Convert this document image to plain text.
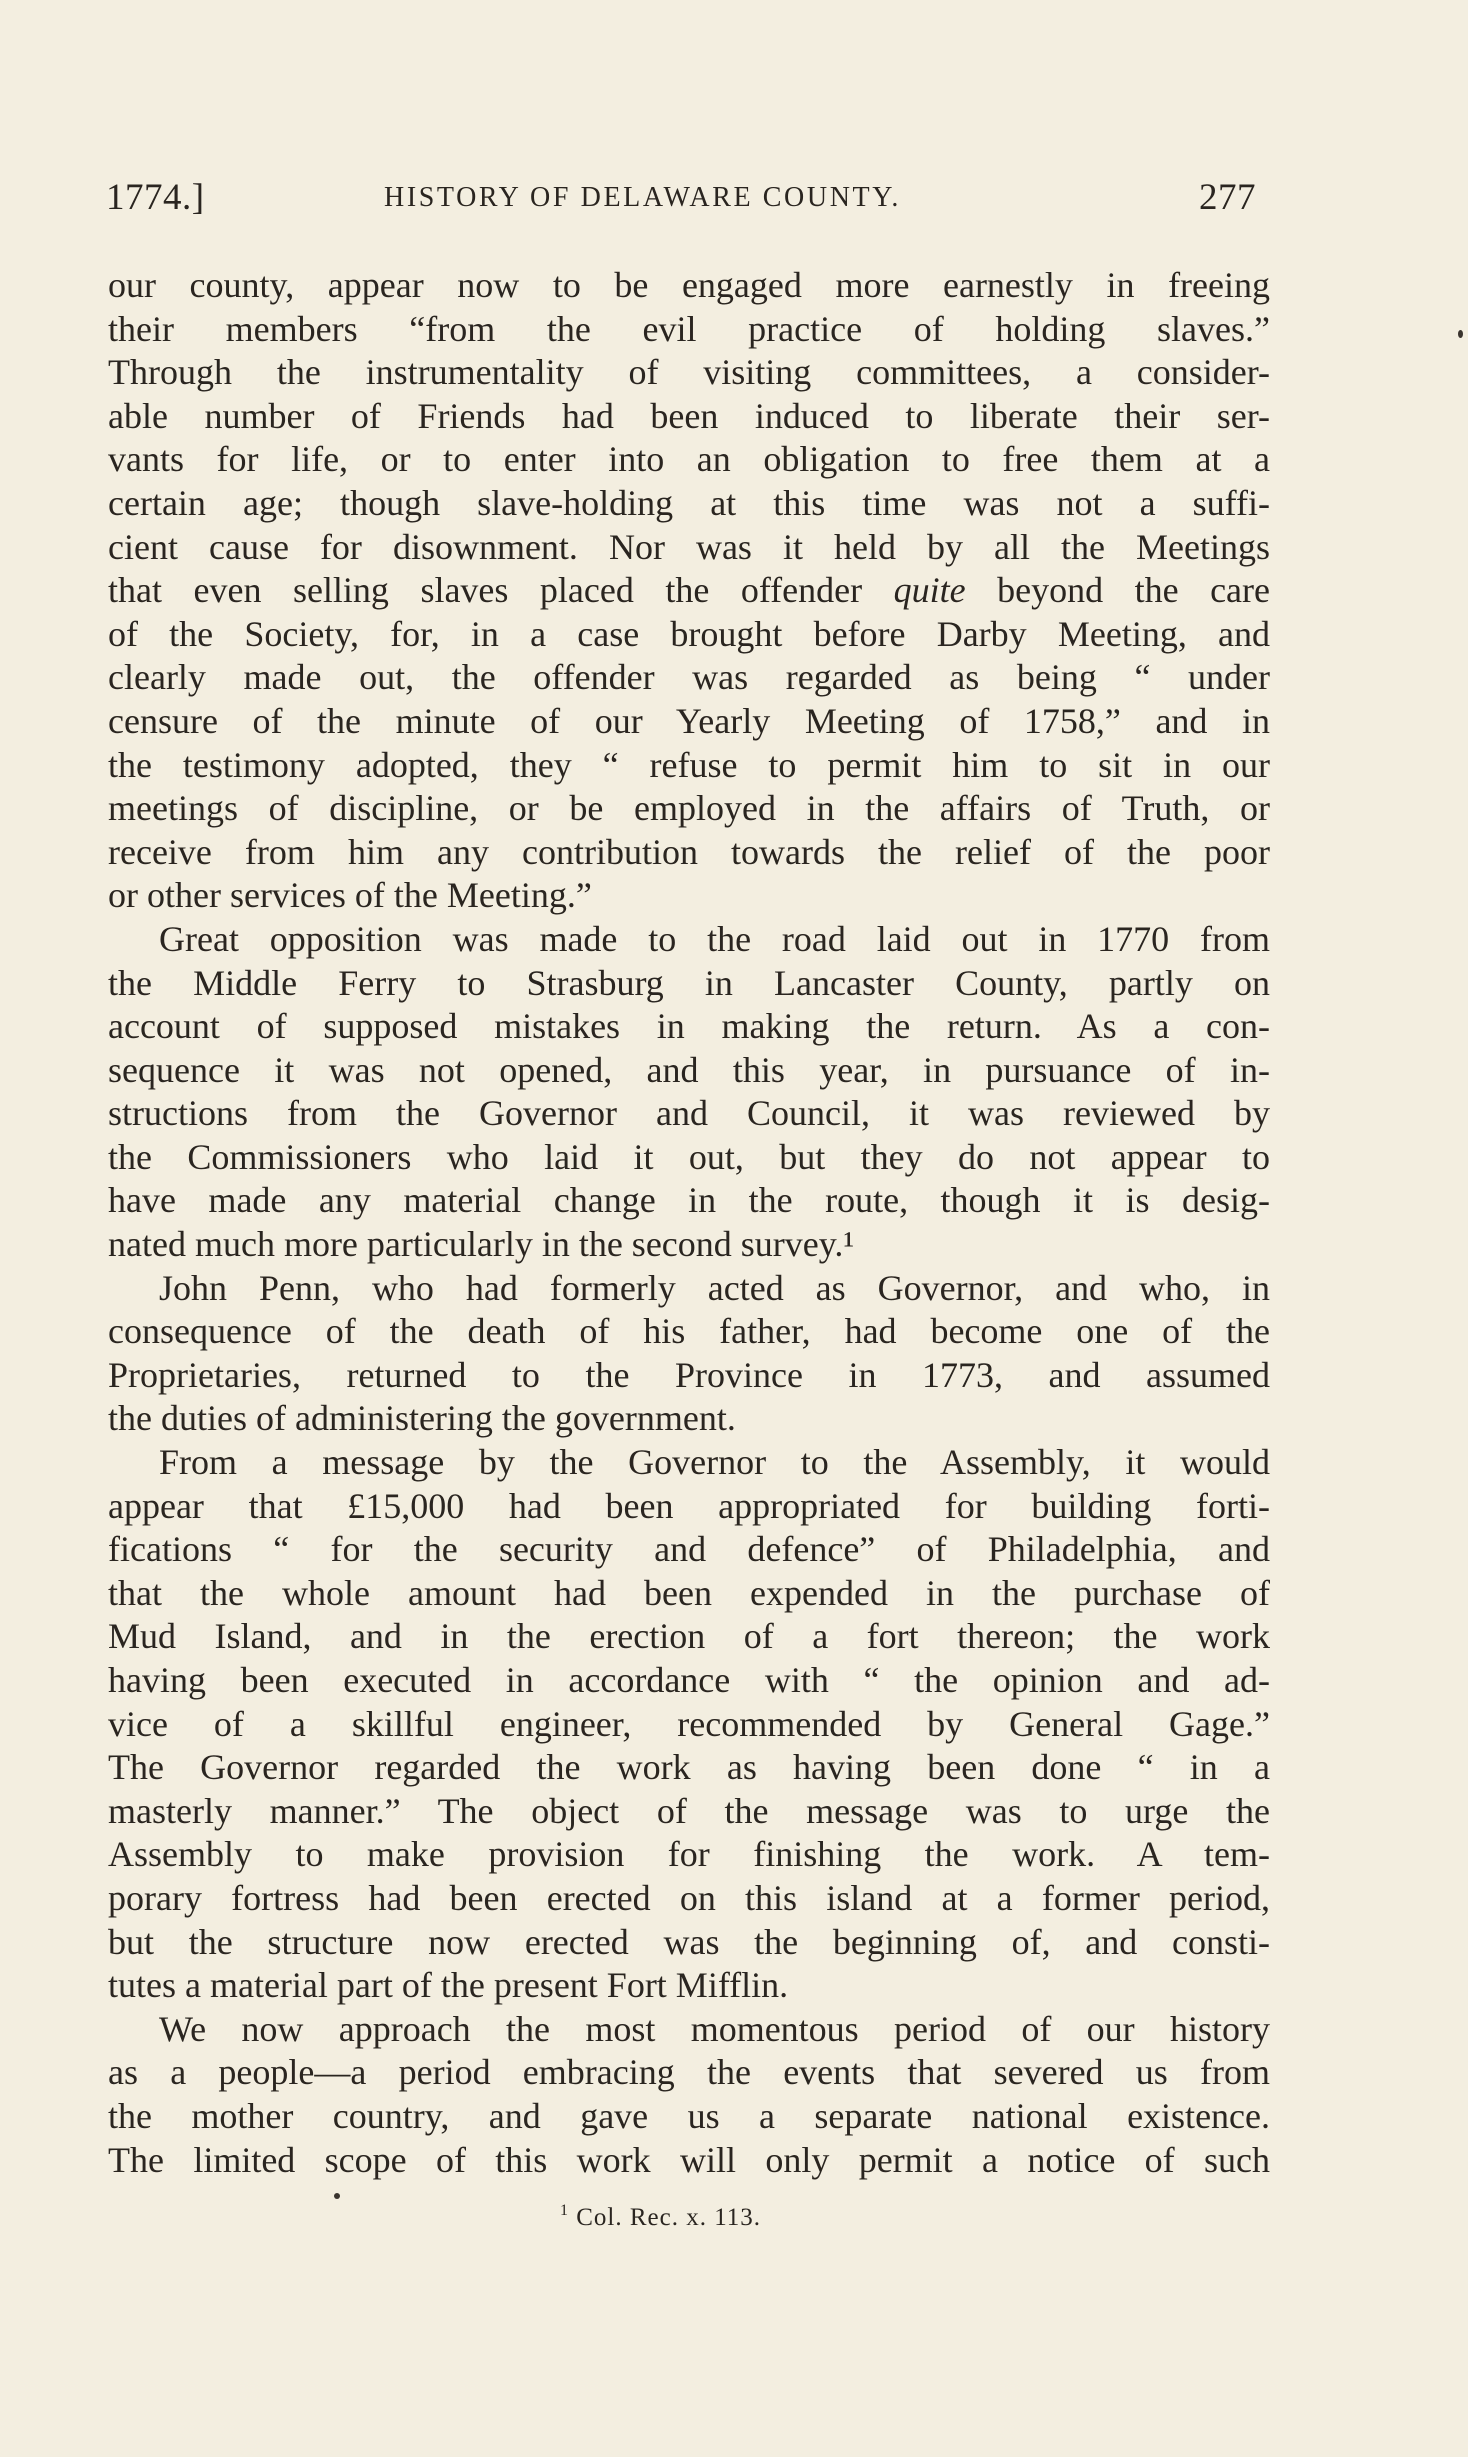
1774.]	HISTORY OF DELAWARE COUNTY.	277
our county, appear now to be engaged more earnestly in freeing
their members “from the evil practice of holding slaves.”
Through the instrumentality of visiting committees, a consider-
able number of Friends had been induced to liberate their ser-
vants for life, or to enter into an obligation to free them at a
certain age; though slave-holding at this time was not a suffi-
cient cause for disownment. Nor was it held by all the Meetings
that even selling slaves placed the offender quite beyond the care
of the Society, for, in a case brought before Darby Meeting, and
clearly made out, the offender was regarded as being “ under
censure of the minute of our Yearly Meeting of 1758,” and in
the testimony adopted, they “ refuse to permit him to sit in our
meetings of discipline, or be employed in the affairs of Truth, or
receive from him any contribution towards the relief of the poor
or other services of the Meeting.”
Great opposition was made to the road laid out in 1770 from
the Middle Ferry to Strasburg in Lancaster County, partly on
account of supposed mistakes in making the return. As a con-
sequence it was not opened, and this year, in pursuance of in-
structions from the Governor and Council, it was reviewed by
the Commissioners who laid it out, but they do not appear to
have made any material change in the route, though it is desig-
nated much more particularly in the second survey.¹
John Penn, who had formerly acted as Governor, and who, in
consequence of the death of his father, had become one of the
Proprietaries, returned to the Province in 1773, and assumed
the duties of administering the government.
From a message by the Governor to the Assembly, it would
appear that £15,000 had been appropriated for building forti-
fications “ for the security and defence” of Philadelphia, and
that the whole amount had been expended in the purchase of
Mud Island, and in the erection of a fort thereon; the work
having been executed in accordance with “ the opinion and ad-
vice of a skillful engineer, recommended by General Gage.”
The Governor regarded the work as having been done “ in a
masterly manner.” The object of the message was to urge the
Assembly to make provision for finishing the work. A tem-
porary fortress had been erected on this island at a former period,
but the structure now erected was the beginning of, and consti-
tutes a material part of the present Fort Mifflin.
We now approach the most momentous period of our history
as a people—a period embracing the events that severed us from
the mother country, and gave us a separate national existence.
The limited scope of this work will only permit a notice of such
$^1$ Col. Rec. x. 113.
